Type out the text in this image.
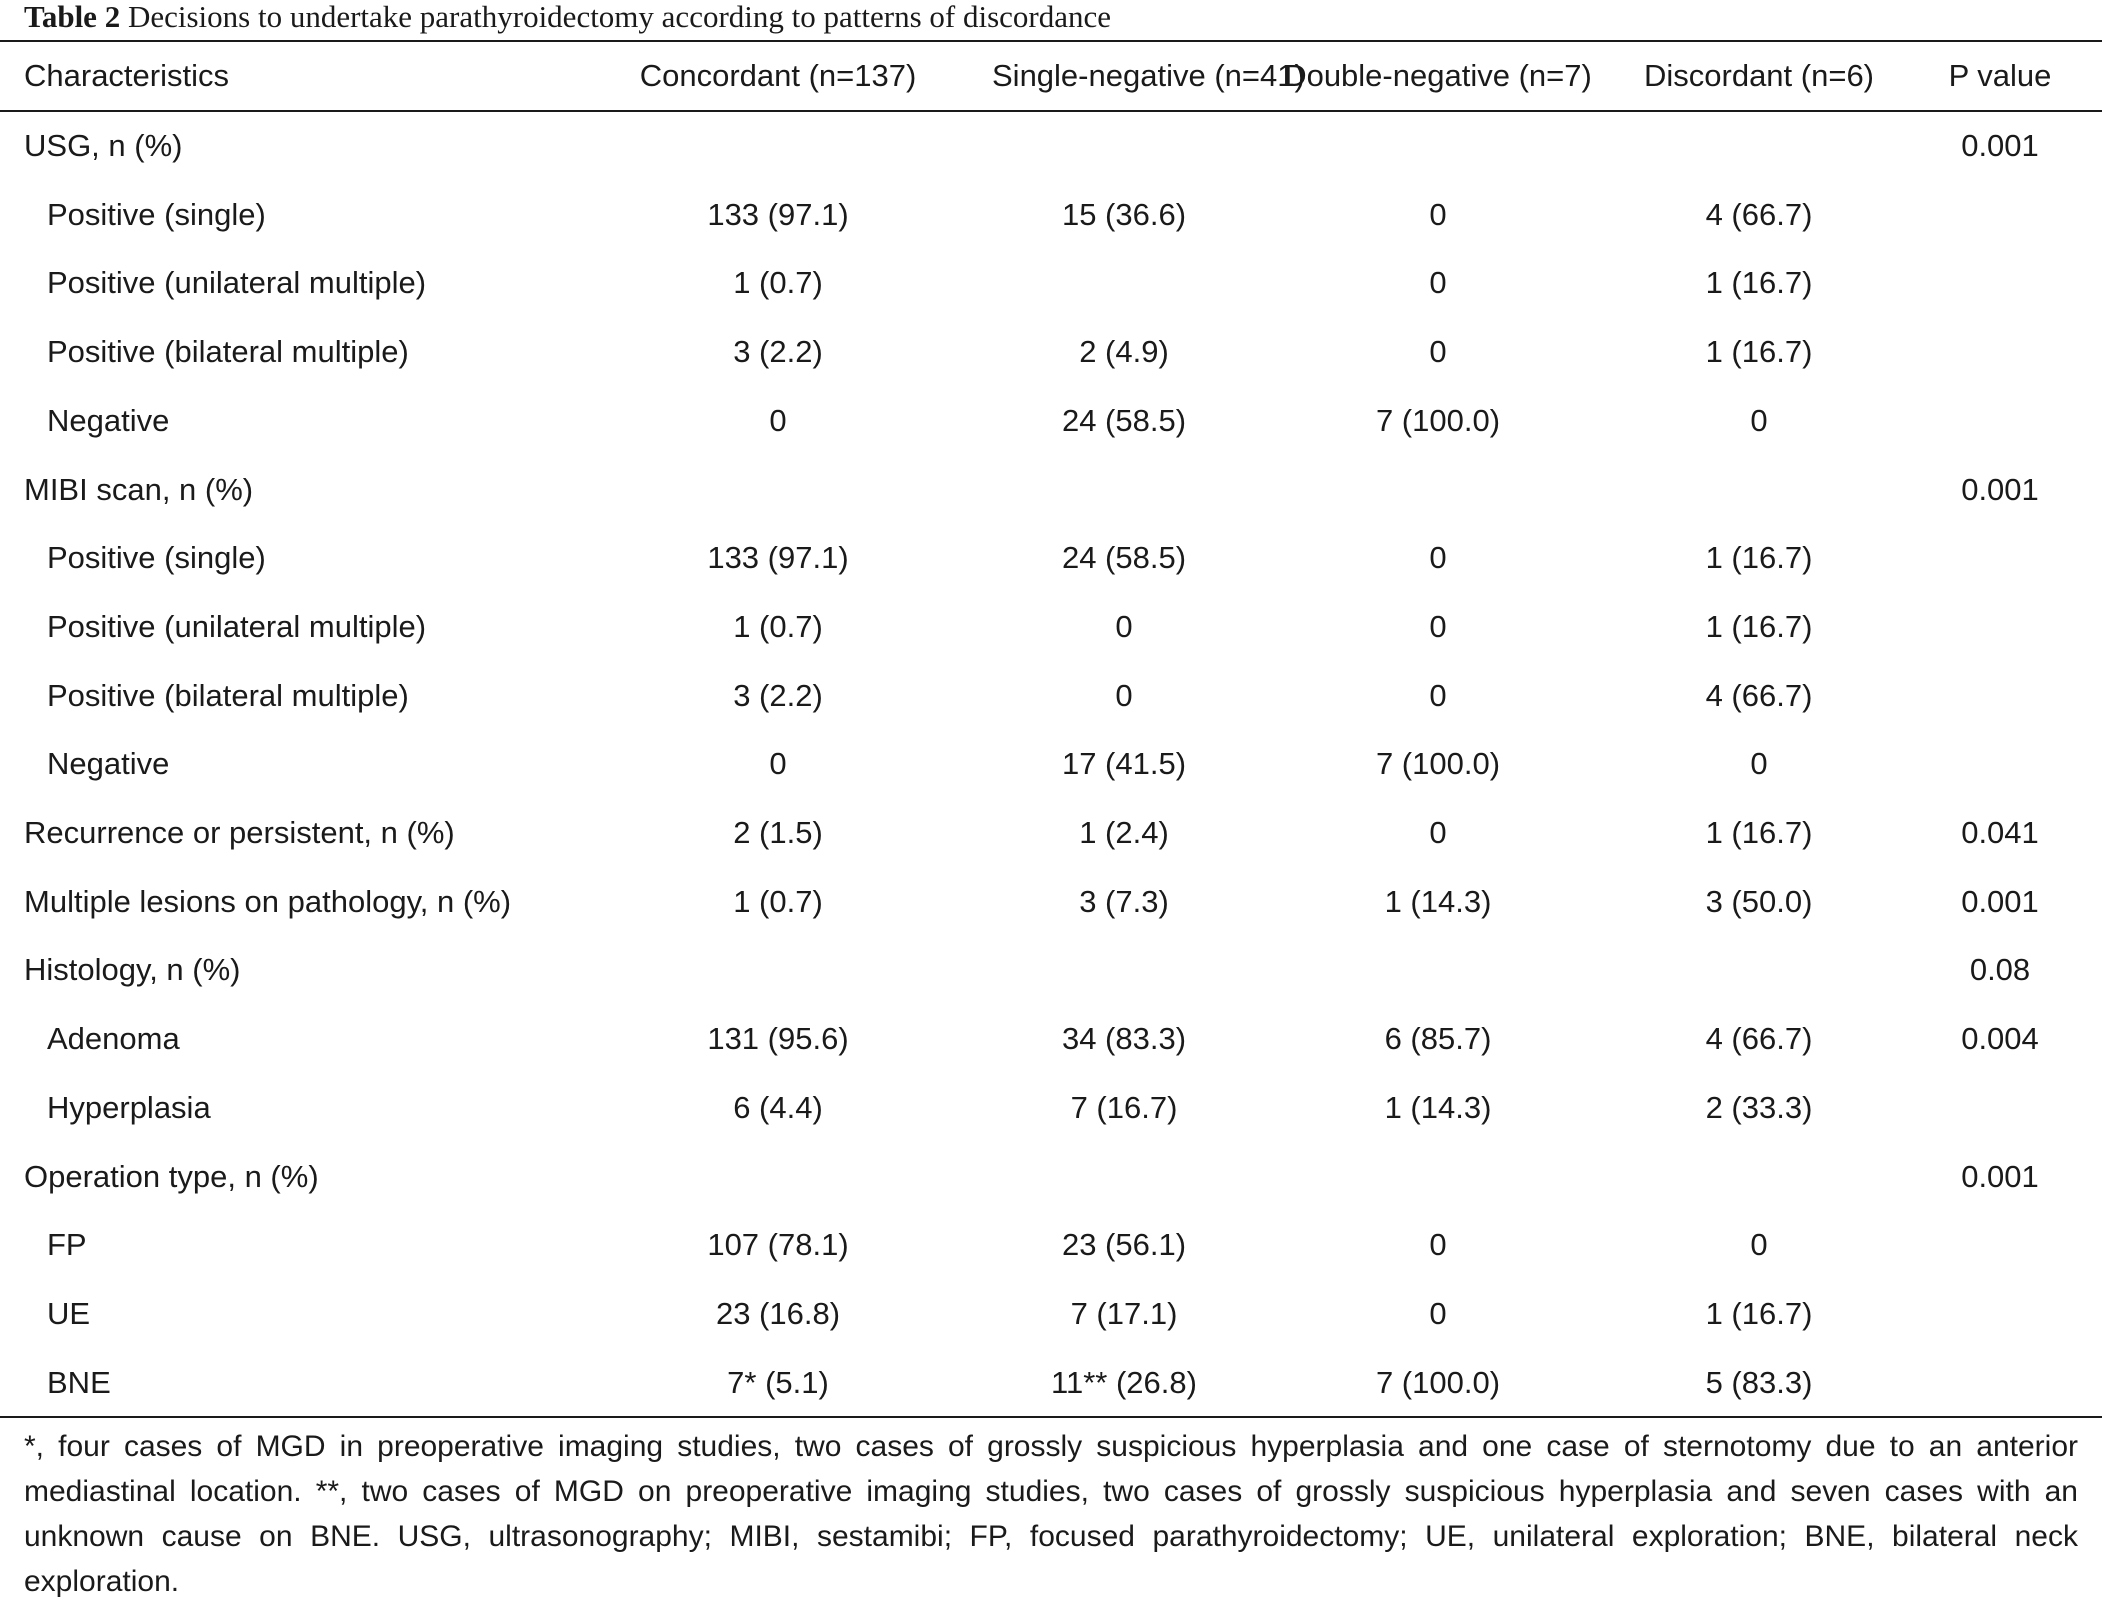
Table 2 Decisions to undertake parathyroidectomy according to patterns of discordance
Characteristics	Concordant (n=137)	Single-negative (n=41)	Double-negative (n=7)	Discordant (n=6)	P value
USG, n (%)					0.001
Positive (single)	133 (97.1)	15 (36.6)	0	4 (66.7)	
Positive (unilateral multiple)	1 (0.7)		0	1 (16.7)	
Positive (bilateral multiple)	3 (2.2)	2 (4.9)	0	1 (16.7)	
Negative	0	24 (58.5)	7 (100.0)	0	
MIBI scan, n (%)					0.001
Positive (single)	133 (97.1)	24 (58.5)	0	1 (16.7)	
Positive (unilateral multiple)	1 (0.7)	0	0	1 (16.7)	
Positive (bilateral multiple)	3 (2.2)	0	0	4 (66.7)	
Negative	0	17 (41.5)	7 (100.0)	0	
Recurrence or persistent, n (%)	2 (1.5)	1 (2.4)	0	1 (16.7)	0.041
Multiple lesions on pathology, n (%)	1 (0.7)	3 (7.3)	1 (14.3)	3 (50.0)	0.001
Histology, n (%)					0.08
Adenoma	131 (95.6)	34 (83.3)	6 (85.7)	4 (66.7)	0.004
Hyperplasia	6 (4.4)	7 (16.7)	1 (14.3)	2 (33.3)	
Operation type, n (%)					0.001
FP	107 (78.1)	23 (56.1)	0	0	
UE	23 (16.8)	7 (17.1)	0	1 (16.7)	
BNE	7* (5.1)	11** (26.8)	7 (100.0)	5 (83.3)	
*, four cases of MGD in preoperative imaging studies, two cases of grossly suspicious hyperplasia and one case of sternotomy due to an anterior mediastinal location. **, two cases of MGD on preoperative imaging studies, two cases of grossly suspicious hyperplasia and seven cases with an unknown cause on BNE. USG, ultrasonography; MIBI, sestamibi; FP, focused parathyroidectomy; UE, unilateral exploration; BNE, bilateral neck exploration.
